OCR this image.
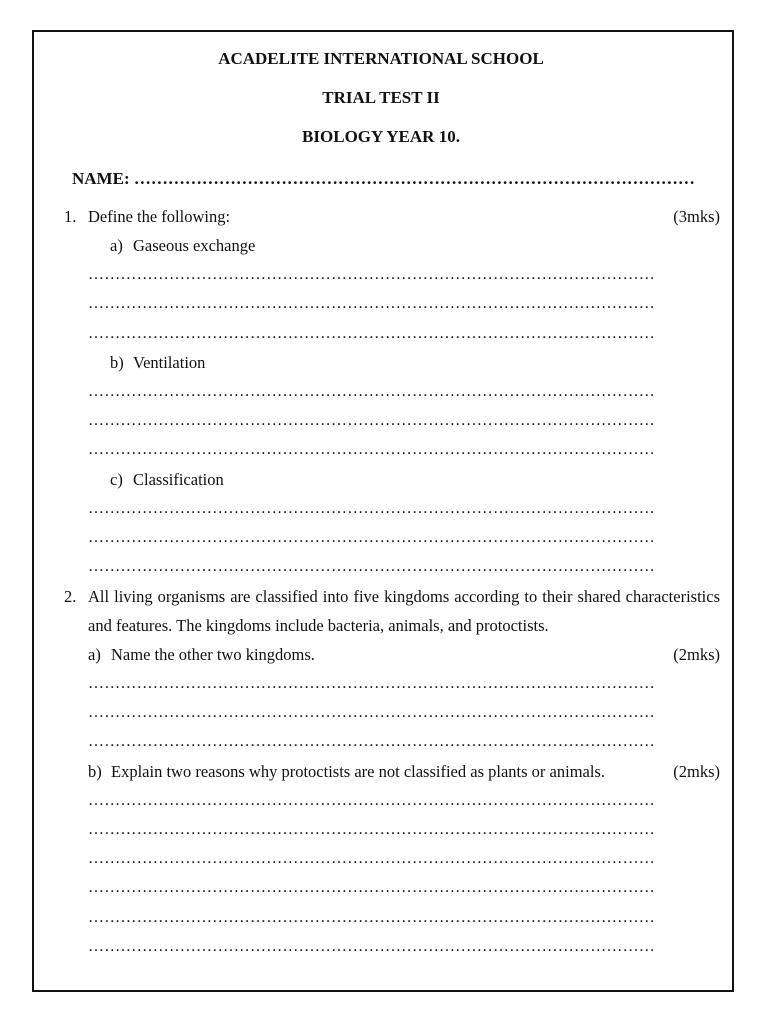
ACADELITE INTERNATIONAL SCHOOL
TRIAL TEST II
BIOLOGY YEAR 10.
NAME: ………………………………………………………………………………………
1. Define the following:	(3mks)
a) Gaseous exchange
……………………………………………………………………………………………
……………………………………………………………………………………………
……………………………………………………………………………………………
b) Ventilation
……………………………………………………………………………………………
……………………………………………………………………………………………
……………………………………………………………………………………………
c) Classification
……………………………………………………………………………………………
……………………………………………………………………………………………
……………………………………………………………………………………………
2. All living organisms are classified into five kingdoms according to their shared characteristics and features. The kingdoms include bacteria, animals, and protoctists.
a) Name the other two kingdoms.	(2mks)
……………………………………………………………………………………………
……………………………………………………………………………………………
……………………………………………………………………………………………
b) Explain two reasons why protoctists are not classified as plants or animals.	(2mks)
……………………………………………………………………………………………
……………………………………………………………………………………………
……………………………………………………………………………………………
……………………………………………………………………………………………
……………………………………………………………………………………………
……………………………………………………………………………………………
